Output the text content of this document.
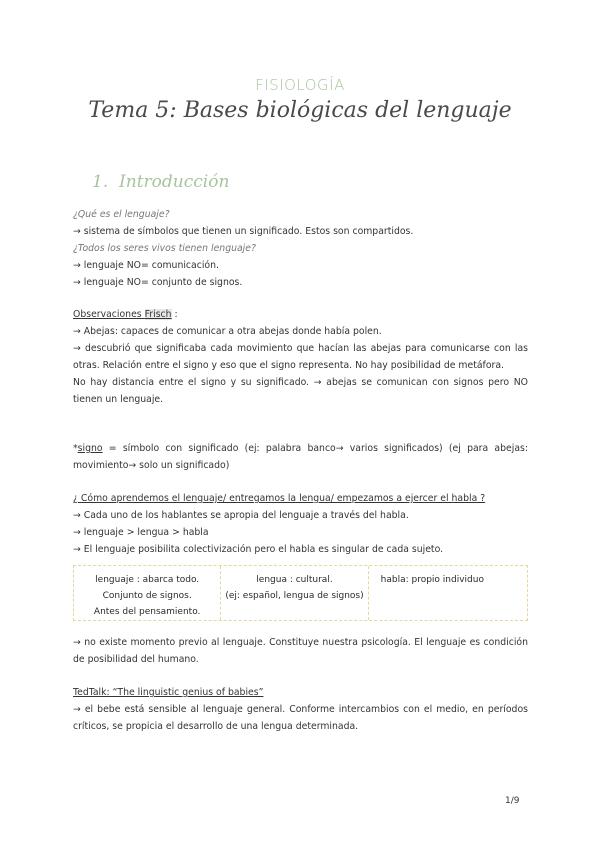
FISIOLOGÍA
Tema 5: Bases biológicas del lenguaje
1. Introducción
¿Qué es el lenguaje?
→ sistema de símbolos que tienen un significado. Estos son compartidos.
¿Todos los seres vivos tienen lenguaje?
→ lenguaje NO= comunicación.
→ lenguaje NO= conjunto de signos.
Observaciones Frisch :
→ Abejas: capaces de comunicar a otra abejas donde había polen.
→ descubrió que significaba cada movimiento que hacían las abejas para comunicarse con las otras. Relación entre el signo y eso que el signo representa. No hay posibilidad de metáfora.
No hay distancia entre el signo y su significado. → abejas se comunican con signos pero NO tienen un lenguaje.
*signo = símbolo con significado (ej: palabra banco→ varios significados) (ej para abejas: movimiento→ solo un significado)
¿ Cómo aprendemos el lenguaje/ entregamos la lengua/ empezamos a ejercer el habla ?
→ Cada uno de los hablantes se apropia del lenguaje a través del habla.
→ lenguaje > lengua > habla
→ El lenguaje posibilita colectivización pero el habla es singular de cada sujeto.
lenguaje : abarca todo.
Conjunto de signos.
Antes del pensamiento.
lengua : cultural.
(ej: español, lengua de signos)
habla: propio individuo
→ no existe momento previo al lenguaje. Constituye nuestra psicología. El lenguaje es condición de posibilidad del humano.
TedTalk: “The linguistic genius of babies”
→ el bebe está sensible al lenguaje general. Conforme intercambios con el medio, en períodos críticos, se propicia el desarrollo de una lengua determinada.
1/9
